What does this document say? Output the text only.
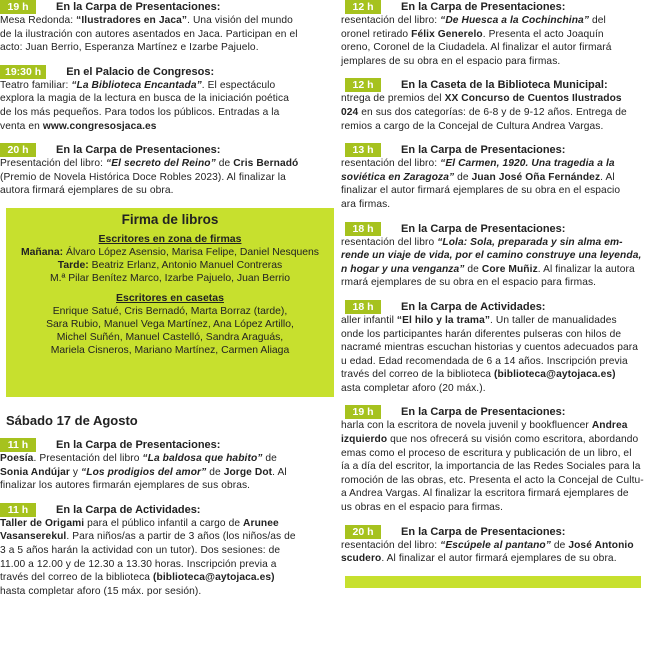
19 h	En la Carpa de Presentaciones:
Mesa Redonda: “Ilustradores en Jaca”. Una visión del mundo
de la ilustración con autores asentados en Jaca. Participan en el
acto: Juan Berrio, Esperanza Martínez e Izarbe Pajuelo.
19:30 h	En el Palacio de Congresos:
Teatro familiar: “La Biblioteca Encantada”. El espectáculo
explora la magia de la lectura en busca de la iniciación poética
de los más pequeños. Para todos los públicos. Entradas a la
venta en www.congresosjaca.es
20 h	En la Carpa de Presentaciones:
Presentación del libro: “El secreto del Reino” de Cris Bernadó
(Premio de Novela Histórica Doce Robles 2023). Al finalizar la
autora firmará ejemplares de su obra.
Firma de libros
Escritores en zona de firmas
Mañana: Álvaro López Asensio, Marisa Felipe, Daniel Nesquens
Tarde: Beatriz Erlanz, Antonio Manuel Contreras
M.ª Pilar Benítez Marco, Izarbe Pajuelo, Juan Berrio
Escritores en casetas
Enrique Satué, Cris Bernadó, Marta Borraz (tarde),
Sara Rubio, Manuel Vega Martínez, Ana López Artillo,
Michel Suñén, Manuel Castelló, Sandra Araguás,
Mariela Cisneros, Mariano Martínez, Carmen Aliaga
Sábado 17 de Agosto
11 h	En la Carpa de Presentaciones:
Poesía. Presentación del libro “La baldosa que habito” de
Sonia Andújar y “Los prodigios del amor” de Jorge Dot. Al
finalizar los autores firmarán ejemplares de sus obras.
11 h	En la Carpa de Actividades:
Taller de Origami para el público infantil a cargo de Arunee
Vasanserekul. Para niños/as a partir de 3 años (los niños/as de
3 a 5 años harán la actividad con un tutor). Dos sesiones: de
11.00 a 12.00 y de 12.30 a 13.30 horas. Inscripción previa a
través del correo de la biblioteca (biblioteca@aytojaca.es)
hasta completar aforo (15 máx. por sesión).
12 h	En la Carpa de Presentaciones:
resentación del libro: “De Huesca a la Cochinchina” del
oronel retirado Félix Generelo. Presenta el acto Joaquín
oreno, Coronel de la Ciudadela. Al finalizar el autor firmará
jemplares de su obra en el espacio para firmas.
12 h	En la Caseta de la Biblioteca Municipal:
ntrega de premios del XX Concurso de Cuentos Ilustrados
024 en sus dos categorías: de 6-8 y de 9-12 años. Entrega de
remios a cargo de la Concejal de Cultura Andrea Vargas.
13 h	En la Carpa de Presentaciones:
resentación del libro: “El Carmen, 1920. Una tragedia a la
soviética en Zaragoza” de Juan José Oña Fernández. Al
finalizar el autor firmará ejemplares de su obra en el espacio
ara firmas.
18 h	En la Carpa de Presentaciones:
resentación del libro “Lola: Sola, preparada y sin alma em-
rende un viaje de vida, por el camino construye una leyenda,
n hogar y una venganza” de Core Muñiz. Al finalizar la autora
rmará ejemplares de su obra en el espacio para firmas.
18 h	En la Carpa de Actividades:
aller infantil “El hilo y la trama”. Un taller de manualidades
onde los participantes harán diferentes pulseras con hilos de
nacramé mientras escuchan historias y cuentos adecuados para
u edad. Edad recomendada de 6 a 14 años. Inscripción previa
través del correo de la biblioteca (biblioteca@aytojaca.es)
asta completar aforo (20 máx.).
19 h	En la Carpa de Presentaciones:
harla con la escritora de novela juvenil y bookfluencer Andrea
izquierdo que nos ofrecerá su visión como escritora, abordando
emas como el proceso de escritura y publicación de un libro, el
ía a día del escritor, la importancia de las Redes Sociales para la
romoción de las obras, etc. Presenta el acto la Concejal de Cultu-
a Andrea Vargas. Al finalizar la escritora firmará ejemplares de
us obras en el espacio para firmas.
20 h	En la Carpa de Presentaciones:
resentación del libro: “Escúpele al pantano” de José Antonio
scudero. Al finalizar el autor firmará ejemplares de su obra.
